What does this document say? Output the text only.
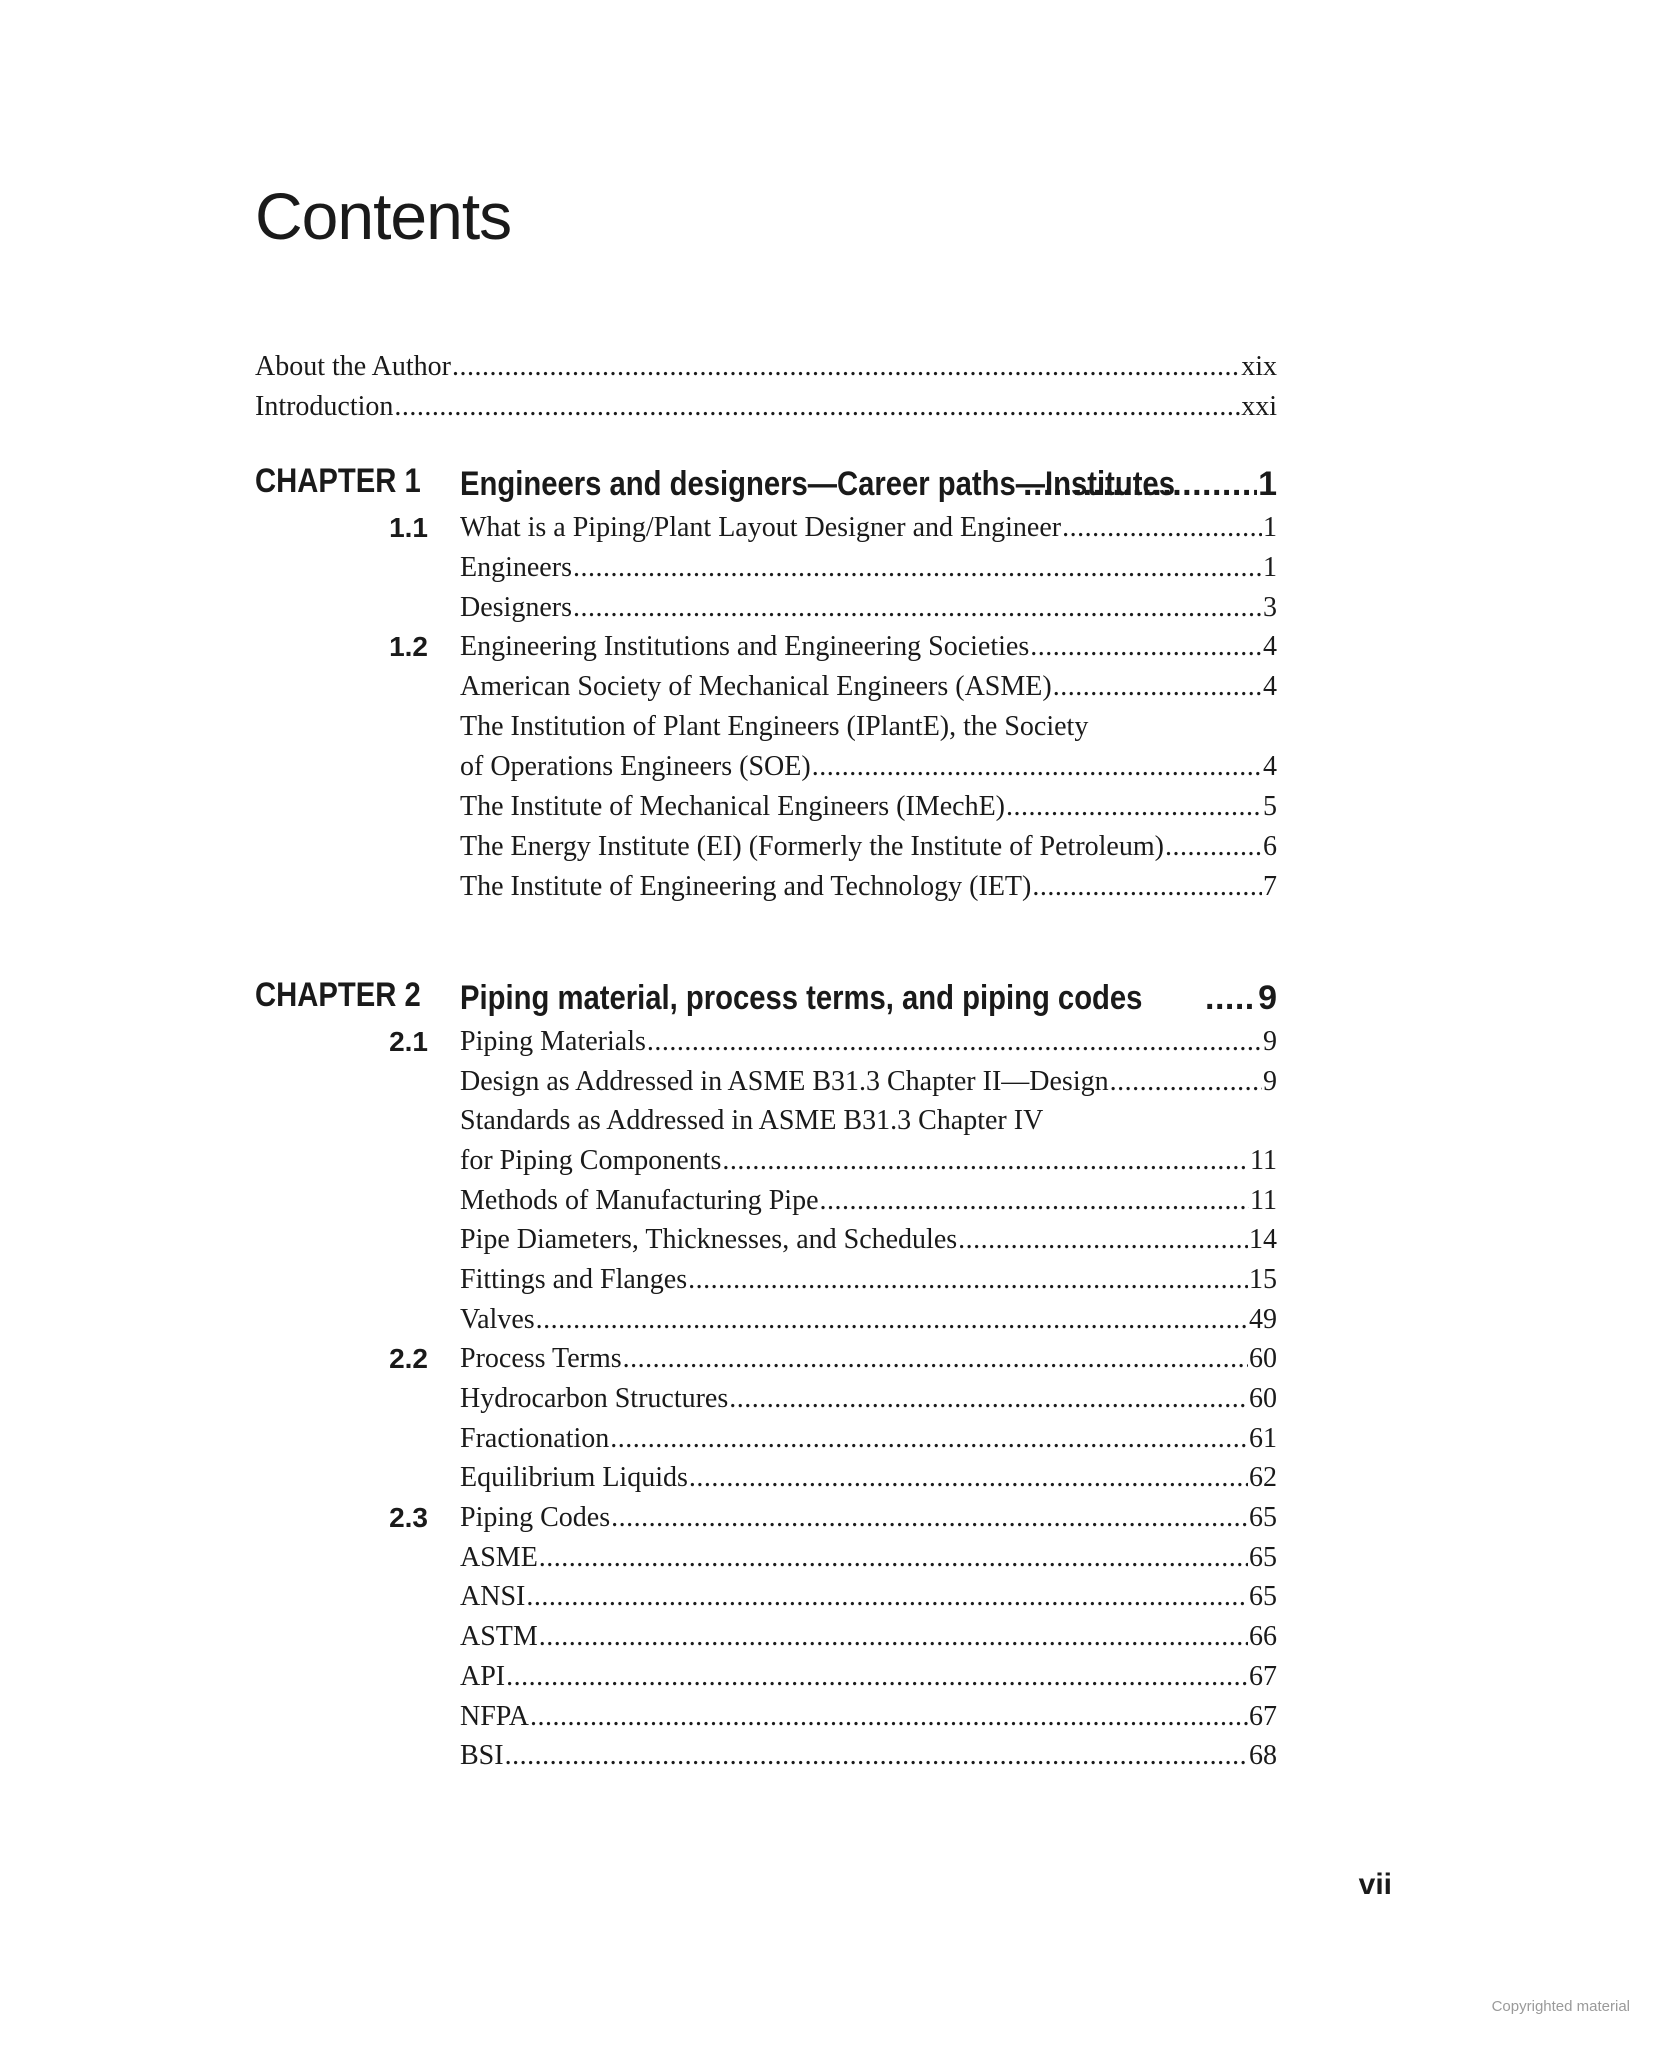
Contents
About the Author .....	xix
Introduction .....	xxi
CHAPTER 1 Engineers and designers—Career paths—Institutes ..... 1
1.1 What is a Piping/Plant Layout Designer and Engineer .....	1
Engineers .....	1
Designers .....	3
1.2 Engineering Institutions and Engineering Societies .....	4
American Society of Mechanical Engineers (ASME) .....	4
The Institution of Plant Engineers (IPlantE), the Society
of Operations Engineers (SOE) .....	4
The Institute of Mechanical Engineers (IMechE) .....	5
The Energy Institute (EI) (Formerly the Institute of Petroleum) .....	6
The Institute of Engineering and Technology (IET) .....	7
CHAPTER 2 Piping material, process terms, and piping codes .....	9
2.1 Piping Materials .....	9
Design as Addressed in ASME B31.3 Chapter II—Design .....	9
Standards as Addressed in ASME B31.3 Chapter IV
for Piping Components .....	11
Methods of Manufacturing Pipe .....	11
Pipe Diameters, Thicknesses, and Schedules .....	14
Fittings and Flanges .....	15
Valves .....	49
2.2 Process Terms .....	60
Hydrocarbon Structures .....	60
Fractionation .....	61
Equilibrium Liquids .....	62
2.3 Piping Codes .....	65
ASME .....	65
ANSI .....	65
ASTM .....	66
API .....	67
NFPA .....	67
BSI .....	68
vii
Copyrighted material
